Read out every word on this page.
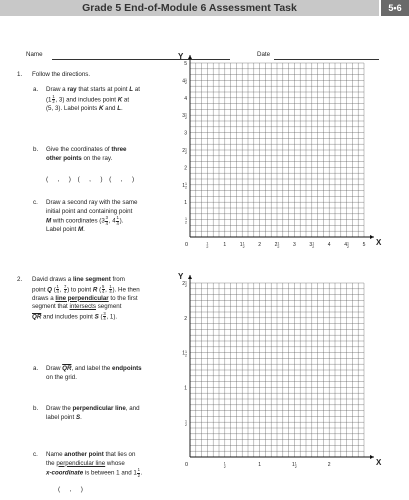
Grade 5 End-of-Module 6 Assessment Task	5•6
Name	Date
1. Follow the directions.
a. Draw a ray that starts at point L at
($1 \frac{1}{2}$ , 3) and includes point K at
(5, 3). Label points K and L.
b. Give the coordinates of three
other points on the ray.
(   ,   )  (   ,   )  (   ,   )
c. Draw a second ray with the same
initial point and containing point
M with coordinates ($3 \frac{3}{4}$ , $4 \frac{1}{4}$ ).
Label point M.
2. David draws a line segment from
point Q ( $\frac{1}{4}$ , $\frac{7}{4}$ ) to point R ( $\frac{5}{4}$ , $\frac{1}{4}$ ). He then
draws a line perpendicular to the first
segment that intersects segment
$\overline{QR}$ and includes point S ( $\frac{3}{4}$ , 1).
a. Draw $\overline{QR}$, and label the endpoints
on the grid.
b. Draw the perpendicular line, and
label point S.
c. Name another point that lies on
the perpendicular line whose
x-coordinate is between 1 and $1 \frac{1}{2}$ .
(   ,   )
$^1$ 2	1	$1^1$ 2	2	$2^1$ 2	3	$3^1$ 2	4	$4^1$ 2	5
$^1$ 2
1
$1^1$ 2
2
$2^1$ 2
3
$3^1$ 2
4
$4^1$ 2
5
Y
X
0
$^1$ 2	1	$1^1$ 2	2
$^1$ 2
1
$1^1$ 2
2
$2^1$ 2
Y
X
0
